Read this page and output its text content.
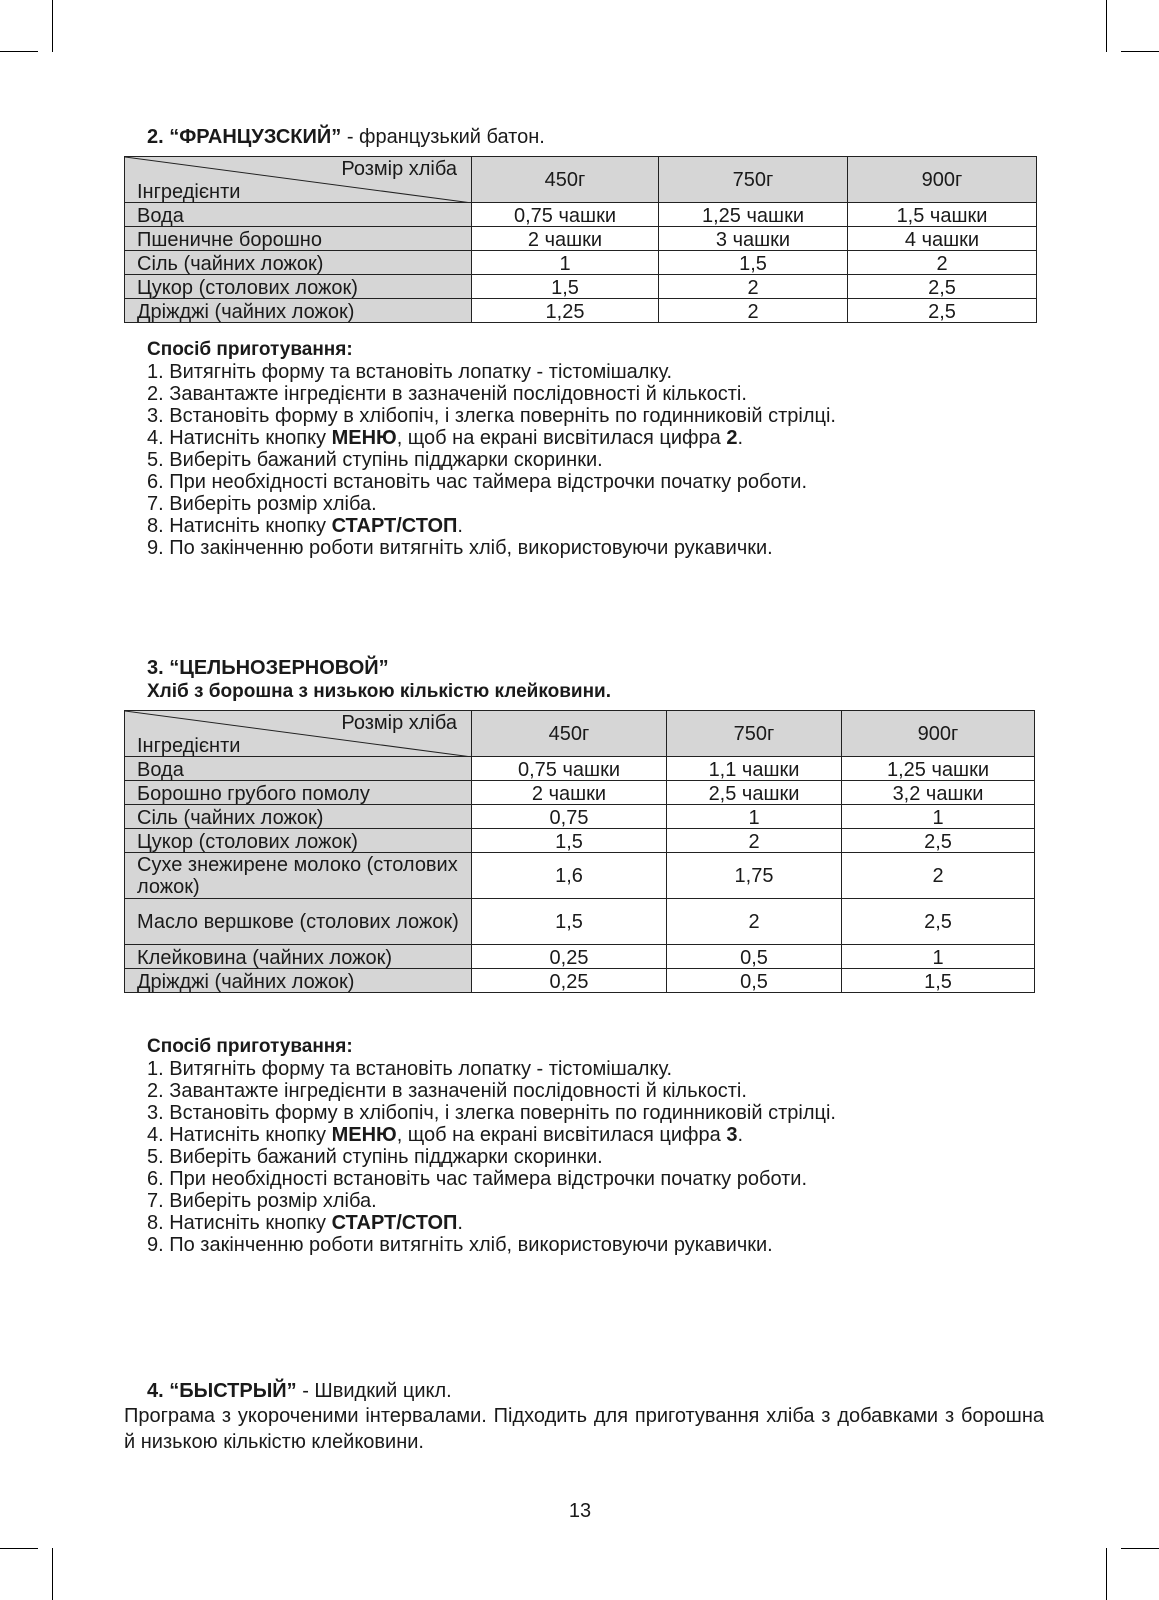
2. “ФРАНЦУЗСКИЙ” - французький батон.
Розмір хліба
Інгредієнти	450г	750г	900г
Вода	0,75 чашки	1,25 чашки	1,5 чашки
Пшеничне борошно	2 чашки	3 чашки	4 чашки
Сіль (чайних ложок)	1	1,5	2
Цукор (столових ложок)	1,5	2	2,5
Дріжджі (чайних ложок)	1,25	2	2,5
Спосіб приготування:
1. Витягніть форму та встановіть лопатку - тістомішалку.
2. Завантажте інгредієнти в зазначеній послідовності й кількості.
3. Встановіть форму в хлібопіч, і злегка поверніть по годинниковій стрілці.
4. Натисніть кнопку МЕНЮ, щоб на екрані висвітилася цифра 2.
5. Виберіть бажаний ступінь підджарки скоринки.
6. При необхідності встановіть час таймера відстрочки початку роботи.
7. Виберіть розмір хліба.
8. Натисніть кнопку СТАРТ/СТОП.
9. По закінченню роботи витягніть хліб, використовуючи рукавички.
3. “ЦЕЛЬНОЗЕРНОВОЙ”
Хліб з борошна з низькою кількістю клейковини.
Розмір хліба
Інгредієнти	450г	750г	900г
Вода	0,75 чашки	1,1 чашки	1,25 чашки
Борошно грубого помолу	2 чашки	2,5 чашки	3,2 чашки
Сіль (чайних ложок)	0,75	1	1
Цукор (столових ложок)	1,5	2	2,5
Сухе знежирене молоко (столових ложок)	1,6	1,75	2
Масло вершкове (столових ложок)	1,5	2	2,5
Клейковина (чайних ложок)	0,25	0,5	1
Дріжджі (чайних ложок)	0,25	0,5	1,5
Спосіб приготування:
1. Витягніть форму та встановіть лопатку - тістомішалку.
2. Завантажте інгредієнти в зазначеній послідовності й кількості.
3. Встановіть форму в хлібопіч, і злегка поверніть по годинниковій стрілці.
4. Натисніть кнопку МЕНЮ, щоб на екрані висвітилася цифра 3.
5. Виберіть бажаний ступінь підджарки скоринки.
6. При необхідності встановіть час таймера відстрочки початку роботи.
7. Виберіть розмір хліба.
8. Натисніть кнопку СТАРТ/СТОП.
9. По закінченню роботи витягніть хліб, використовуючи рукавички.
4. “БЫСТРЫЙ” - Швидкий цикл.
Програма з укороченими інтервалами. Підходить для приготування хліба з добавками з борошна й низькою кількістю клейковини.
13
